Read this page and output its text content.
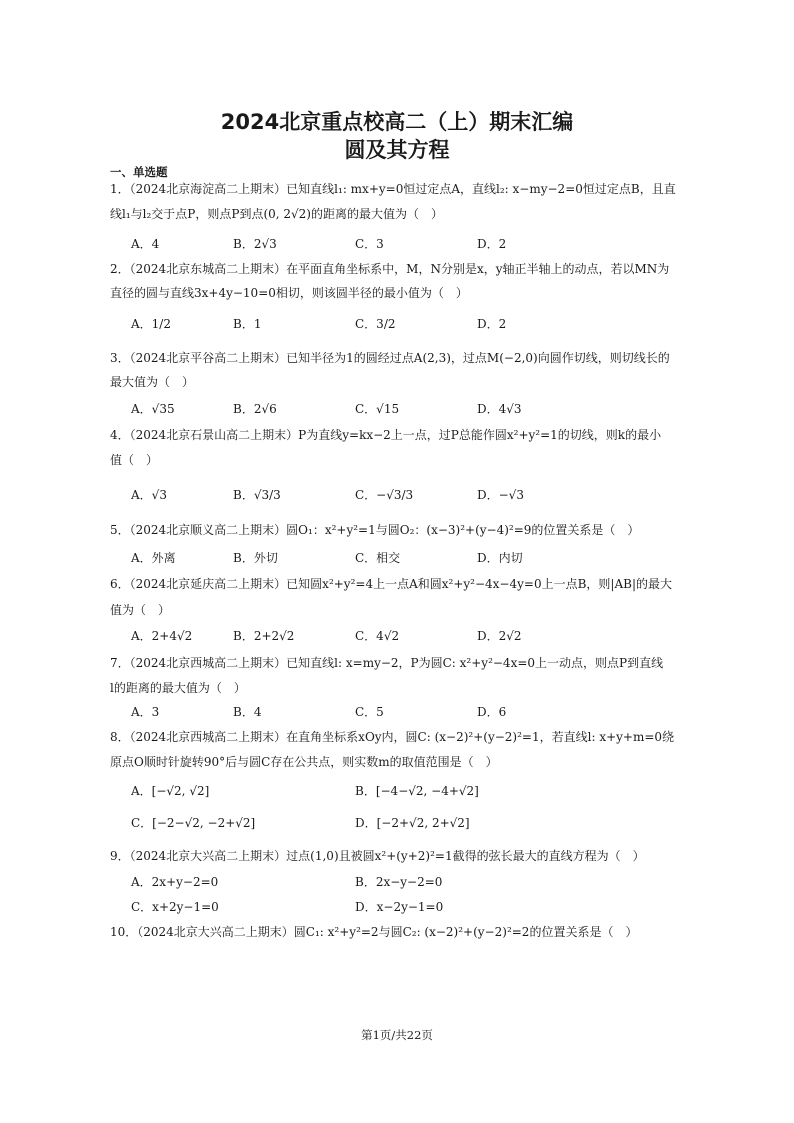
2024北京重点校高二（上）期末汇编
圆及其方程
一、单选题
1．（2024北京海淀高二上期末）已知直线l₁: mx+y=0恒过定点A，直线l₂: x−my−2=0恒过定点B，且直
线l₁与l₂交于点P，则点P到点(0, 2√2)的距离的最大值为（　）
A．4	B．2√3	C．3	D．2
2．（2024北京东城高二上期末）在平面直角坐标系中，M，N分别是x，y轴正半轴上的动点，若以MN为
直径的圆与直线3x+4y−10=0相切，则该圆半径的最小值为（　）
A．1/2	B．1	C．3/2	D．2
3．（2024北京平谷高二上期末）已知半径为1的圆经过点A(2,3)，过点M(−2,0)向圆作切线，则切线长的
最大值为（　）
A．√35	B．2√6	C．√15	D．4√3
4．（2024北京石景山高二上期末）P为直线y=kx−2上一点，过P总能作圆x²+y²=1的切线，则k的最小
值（　）
A．√3	B．√3/3	C．−√3/3	D．−√3
5．（2024北京顺义高二上期末）圆O₁：x²+y²=1与圆O₂：(x−3)²+(y−4)²=9的位置关系是（　）
A．外离	B．外切	C．相交	D．内切
6．（2024北京延庆高二上期末）已知圆x²+y²=4上一点A和圆x²+y²−4x−4y=0上一点B，则|AB|的最大
值为（　）
A．2+4√2	B．2+2√2	C．4√2	D．2√2
7．（2024北京西城高二上期末）已知直线l: x=my−2，P为圆C: x²+y²−4x=0上一动点，则点P到直线
l的距离的最大值为（　）
A．3	B．4	C．5	D．6
8．（2024北京西城高二上期末）在直角坐标系xOy内，圆C: (x−2)²+(y−2)²=1，若直线l: x+y+m=0绕
原点O顺时针旋转90°后与圆C存在公共点，则实数m的取值范围是（　）
A．[−√2, √2]	B．[−4−√2, −4+√2]
C．[−2−√2, −2+√2]	D．[−2+√2, 2+√2]
9．（2024北京大兴高二上期末）过点(1,0)且被圆x²+(y+2)²=1截得的弦长最大的直线方程为（　）
A．2x+y−2=0	B．2x−y−2=0
C．x+2y−1=0	D．x−2y−1=0
10．（2024北京大兴高二上期末）圆C₁: x²+y²=2与圆C₂: (x−2)²+(y−2)²=2的位置关系是（　）
第1页/共22页
